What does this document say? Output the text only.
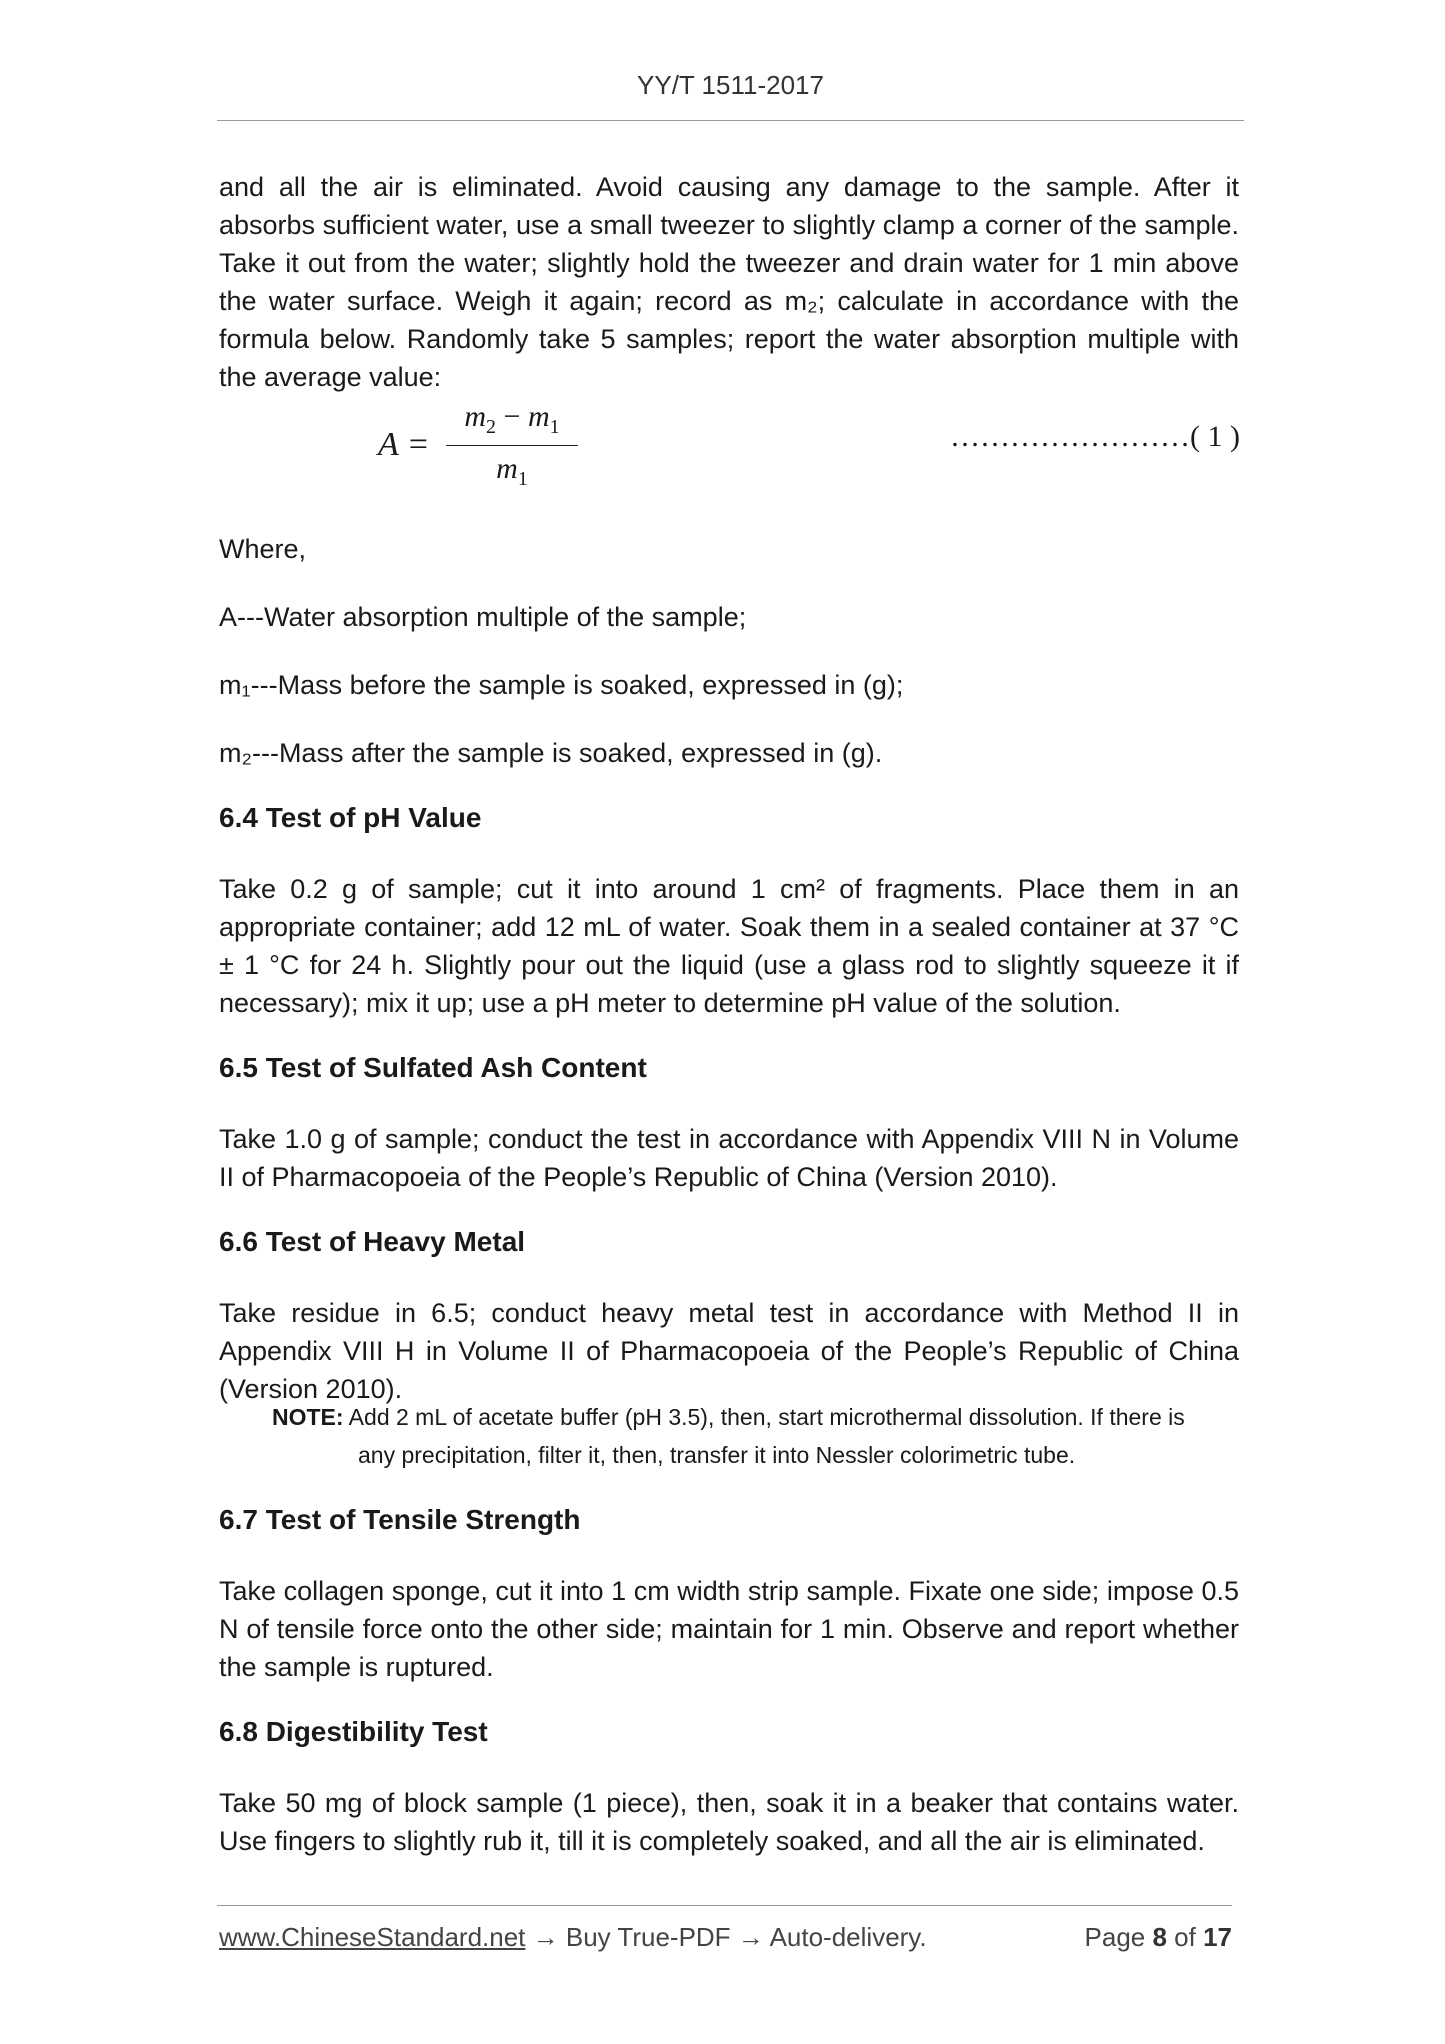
YY/T 1511-2017

and all the air is eliminated. Avoid causing any damage to the sample. After it absorbs sufficient water, use a small tweezer to slightly clamp a corner of the sample. Take it out from the water; slightly hold the tweezer and drain water for 1 min above the water surface. Weigh it again; record as m₂; calculate in accordance with the formula below. Randomly take 5 samples; report the water absorption multiple with the average value:

A =
$m_2 - m_1$
$m_1$
……………………( 1 )

Where,

A---Water absorption multiple of the sample;

m₁---Mass before the sample is soaked, expressed in (g);

m₂---Mass after the sample is soaked, expressed in (g).

6.4 Test of pH Value

Take 0.2 g of sample; cut it into around 1 cm² of fragments. Place them in an appropriate container; add 12 mL of water. Soak them in a sealed container at 37 °C ± 1 °C for 24 h. Slightly pour out the liquid (use a glass rod to slightly squeeze it if necessary); mix it up; use a pH meter to determine pH value of the solution.

6.5 Test of Sulfated Ash Content

Take 1.0 g of sample; conduct the test in accordance with Appendix VIII N in Volume II of Pharmacopoeia of the People’s Republic of China (Version 2010).

6.6 Test of Heavy Metal

Take residue in 6.5; conduct heavy metal test in accordance with Method II in Appendix VIII H in Volume II of Pharmacopoeia of the People’s Republic of China (Version 2010).

NOTE: Add 2 mL of acetate buffer (pH 3.5), then, start microthermal dissolution. If there is
any precipitation, filter it, then, transfer it into Nessler colorimetric tube.

6.7 Test of Tensile Strength

Take collagen sponge, cut it into 1 cm width strip sample. Fixate one side; impose 0.5 N of tensile force onto the other side; maintain for 1 min. Observe and report whether the sample is ruptured.

6.8 Digestibility Test

Take 50 mg of block sample (1 piece), then, soak it in a beaker that contains water. Use fingers to slightly rub it, till it is completely soaked, and all the air is eliminated.

www.ChineseStandard.net → Buy True-PDF → Auto-delivery.	Page 8 of 17
